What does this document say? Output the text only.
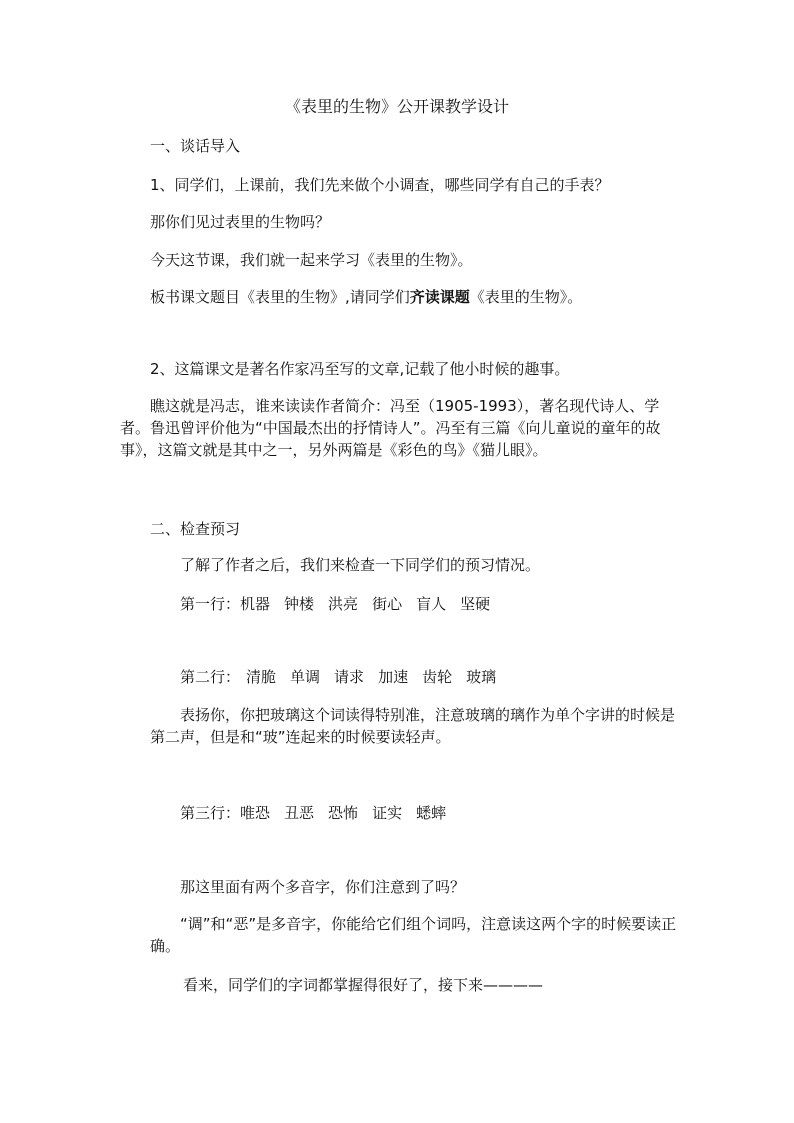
《表里的生物》公开课教学设计

一、谈话导入

1、同学们，上课前，我们先来做个小调查，哪些同学有自己的手表？

那你们见过表里的生物吗？

今天这节课，我们就一起来学习《表里的生物》。

板书课文题目《表里的生物》,请同学们齐读课题《表里的生物》。

2、这篇课文是著名作家冯至写的文章,记载了他小时候的趣事。

瞧这就是冯志，谁来读读作者简介：冯至（1905-1993），著名现代诗人、学者。鲁迅曾评价他为“中国最杰出的抒情诗人”。冯至有三篇《向儿童说的童年的故事》，这篇文就是其中之一，另外两篇是《彩色的鸟》《猫儿眼》。

二、检查预习

了解了作者之后，我们来检查一下同学们的预习情况。

第一行：机器 钟楼 洪亮 街心 盲人 坚硬

第二行： 清脆 单调 请求 加速 齿轮 玻璃

表扬你，你把玻璃这个词读得特别准，注意玻璃的璃作为单个字讲的时候是第二声，但是和“玻”连起来的时候要读轻声。

第三行：唯恐 丑恶 恐怖 证实 蟋蟀

那这里面有两个多音字，你们注意到了吗？

“调”和“恶”是多音字，你能给它们组个词吗，注意读这两个字的时候要读正确。

看来，同学们的字词都掌握得很好了，接下来————
